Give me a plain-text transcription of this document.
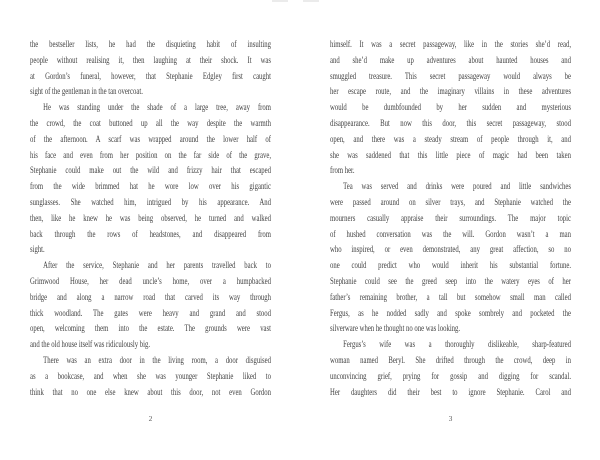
the bestseller lists, he had the disquieting habit of insulting
people without realising it, then laughing at their shock. It was
at Gordon’s funeral, however, that Stephanie Edgley first caught
sight of the gentleman in the tan overcoat.
He was standing under the shade of a large tree, away from
the crowd, the coat buttoned up all the way despite the warmth
of the afternoon. A scarf was wrapped around the lower half of
his face and even from her position on the far side of the grave,
Stephanie could make out the wild and frizzy hair that escaped
from the wide brimmed hat he wore low over his gigantic
sunglasses. She watched him, intrigued by his appearance. And
then, like he knew he was being observed, he turned and walked
back through the rows of headstones, and disappeared from
sight.
After the service, Stephanie and her parents travelled back to
Grimwood House, her dead uncle’s home, over a humpbacked
bridge and along a narrow road that carved its way through
thick woodland. The gates were heavy and grand and stood
open, welcoming them into the estate. The grounds were vast
and the old house itself was ridiculously big.
There was an extra door in the living room, a door disguised
as a bookcase, and when she was younger Stephanie liked to
think that no one else knew about this door, not even Gordon
2
himself. It was a secret passageway, like in the stories she’d read,
and she’d make up adventures about haunted houses and
smuggled treasure. This secret passageway would always be
her escape route, and the imaginary villains in these adventures
would be dumbfounded by her sudden and mysterious
disappearance. But now this door, this secret passageway, stood
open, and there was a steady stream of people through it, and
she was saddened that this little piece of magic had been taken
from her.
Tea was served and drinks were poured and little sandwiches
were passed around on silver trays, and Stephanie watched the
mourners casually appraise their surroundings. The major topic
of hushed conversation was the will. Gordon wasn’t a man
who inspired, or even demonstrated, any great affection, so no
one could predict who would inherit his substantial fortune.
Stephanie could see the greed seep into the watery eyes of her
father’s remaining brother, a tall but somehow small man called
Fergus, as he nodded sadly and spoke sombrely and pocketed the
silverware when he thought no one was looking.
Fergus’s wife was a thoroughly dislikeable, sharp-featured
woman named Beryl. She drifted through the crowd, deep in
unconvincing grief, prying for gossip and digging for scandal.
Her daughters did their best to ignore Stephanie. Carol and
3
